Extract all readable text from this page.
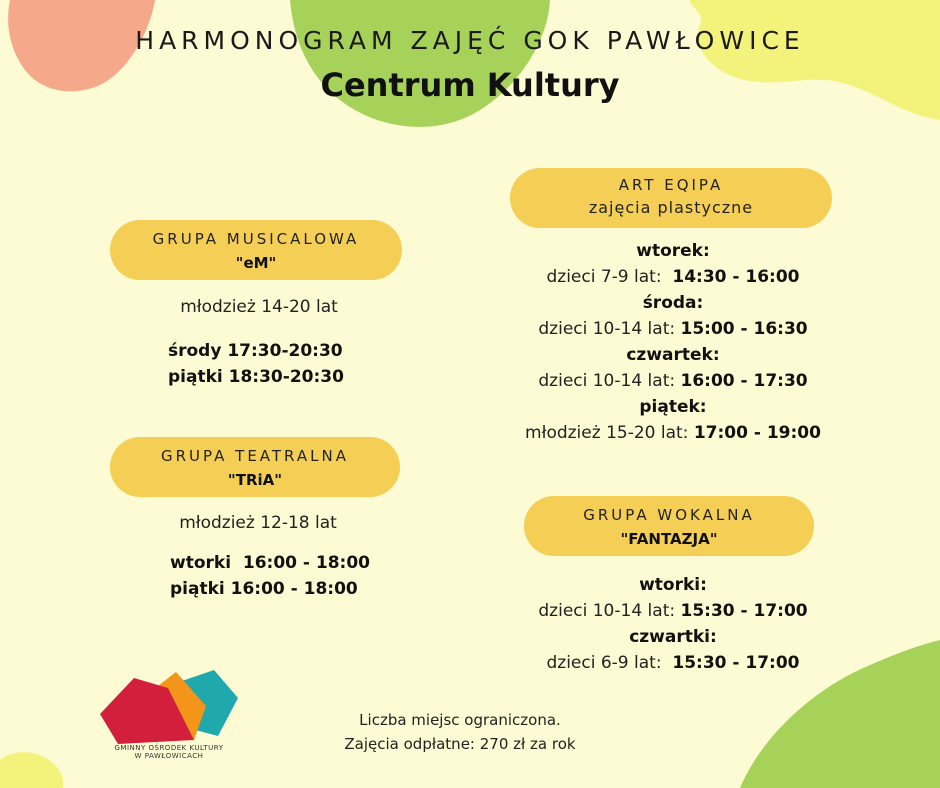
HARMONOGRAM ZAJĘĆ GOK PAWŁOWICE
Centrum Kultury
GRUPA MUSICALOWA
"eM"
młodzież 14-20 lat
środy 17:30-20:30
piątki 18:30-20:30
GRUPA TEATRALNA
"TRiA"
młodzież 12-18 lat
wtorki  16:00 - 18:00
piątki 16:00 - 18:00
ART EQIPA
zajęcia plastyczne
wtorek:
dzieci 7-9 lat:  14:30 - 16:00
środa:
dzieci 10-14 lat: 15:00 - 16:30
czwartek:
dzieci 10-14 lat: 16:00 - 17:30
piątek:
młodzież 15-20 lat: 17:00 - 19:00
GRUPA WOKALNA
"FANTAZJA"
wtorki:
dzieci 10-14 lat: 15:30 - 17:00
czwartki:
dzieci 6-9 lat:  15:30 - 17:00
Liczba miejsc ograniczona.
Zajęcia odpłatne: 270 zł za rok
GMINNY OŚRODEK KULTURY
W PAWŁOWICACH
